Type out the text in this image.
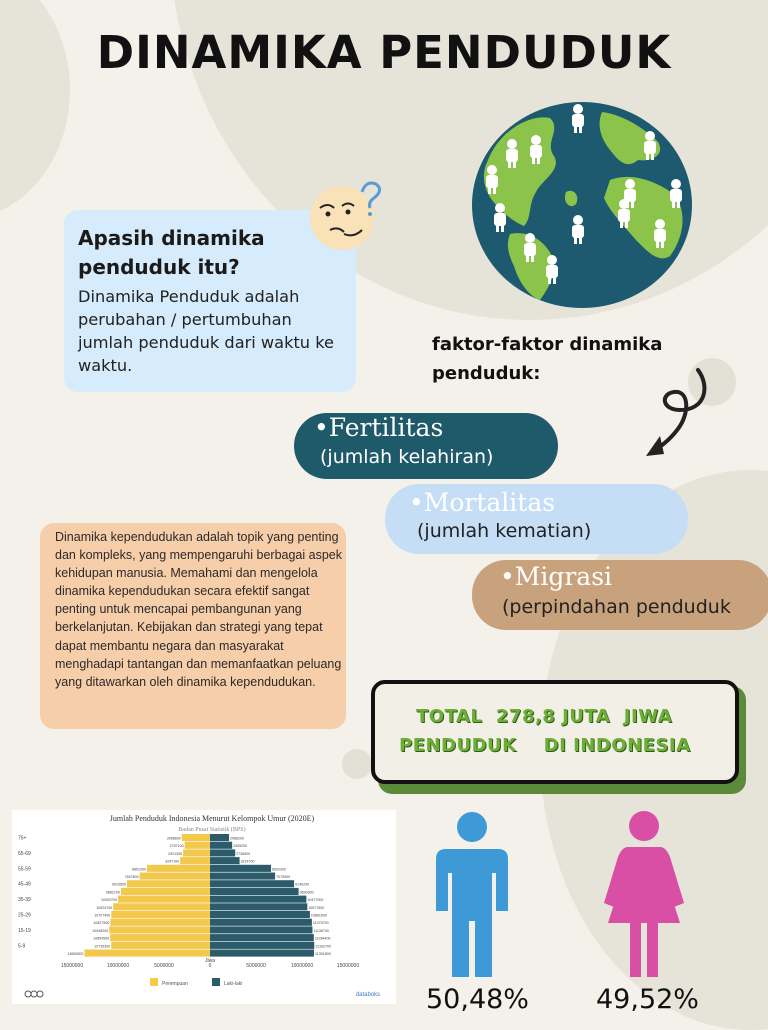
DINAMIKA PENDUDUK
Apasih dinamika penduduk itu?
Dinamika Penduduk adalah perubahan / pertumbuhan jumlah penduduk dari waktu ke waktu.
faktor-faktor dinamika penduduk:
•Fertilitas
(jumlah kelahiran)
•Mortalitas
(jumlah kematian)
•Migrasi
(perpindahan penduduk
Dinamika kependudukan adalah topik yang penting dan kompleks, yang mempengaruhi berbagai aspek kehidupan manusia. Memahami dan mengelola dinamika kependudukan secara efektif sangat penting untuk mencapai pembangunan yang berkelanjutan. Kebijakan dan strategi yang tepat dapat membantu negara dan masyarakat menghadapi tantangan dan memanfaatkan peluang yang ditawarkan oleh dinamika kependudukan.
TOTAL  278,8 JUTA  JIWA
PENDUDUK    DI INDONESIA
Jumlah Penduduk Indonesia Menurut Kelompok Umur (2020E)
Badan Pusat Statistik (BPS)
3068600	2068200
2757100	2405200
2921300	2738900
3247100	3214700
6851300	6632300
7647800	7075900
9023500	9140200
9682100	9630300
10003700	10477900
10524700	10577500
10727400	10861600
10827500	11075700
10948200	11136700
10854500	11284400
10735300	11332700
13650500	11301800
75+
65-69
55-59
45-49
35-39
25-29
15-19
5-9
15000000	10000000	5000000	0	5000000	10000000	15000000
Jiwa
Perempuan	Laki-laki
databoks 50,48% 49,52%
